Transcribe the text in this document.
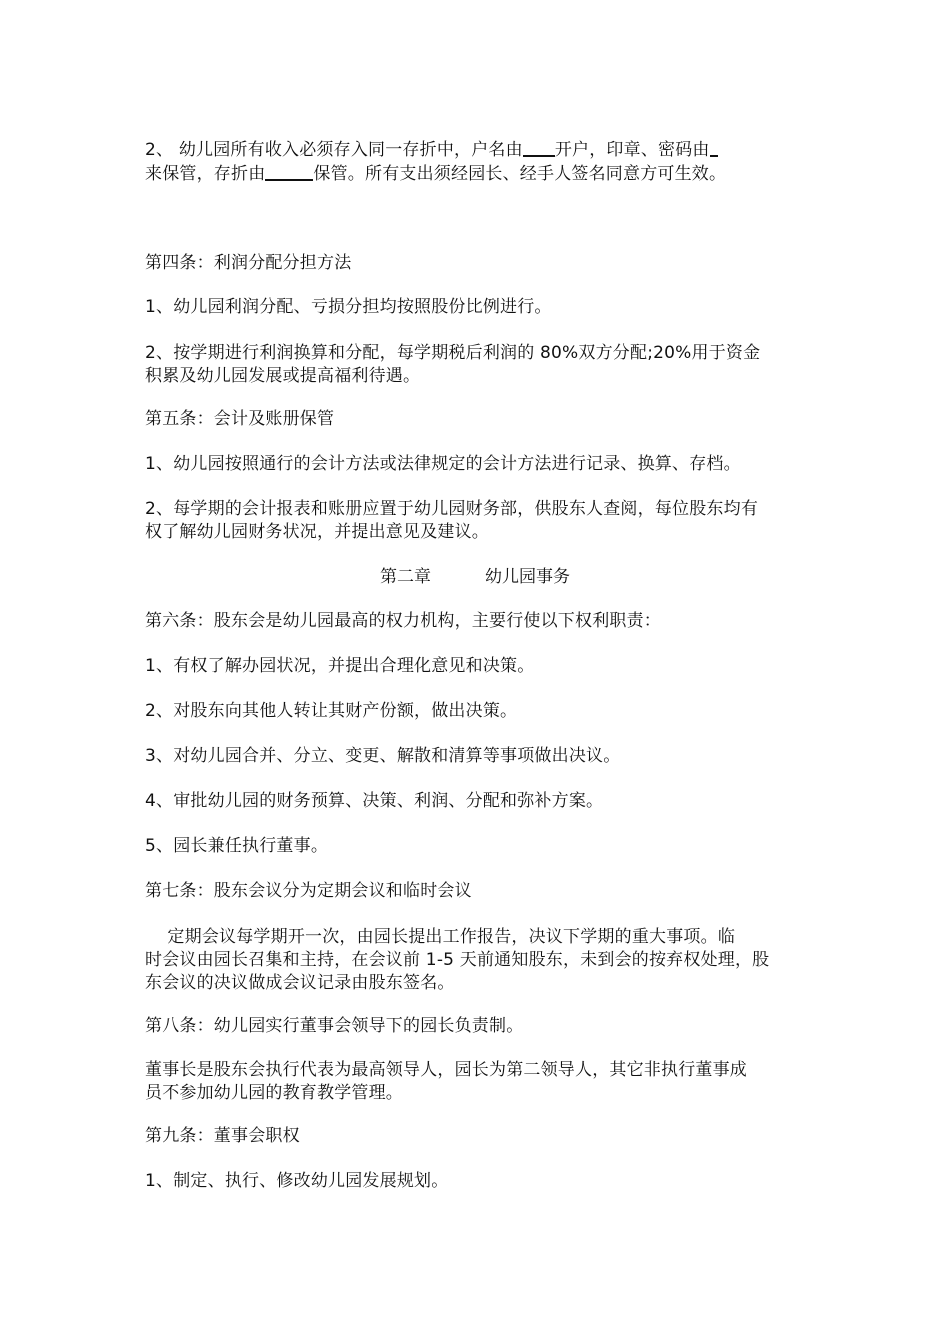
2、 幼儿园所有收入必须存入同一存折中，户名由 开户，印章、密码由
来保管，存折由	保管。所有支出须经园长、经手人签名同意方可生效。
第四条：利润分配分担方法
1、幼儿园利润分配、亏损分担均按照股份比例进行。
2、按学期进行利润换算和分配，每学期税后利润的 80%双方分配;20%用于资金
积累及幼儿园发展或提高福利待遇。
第五条：会计及账册保管
1、幼儿园按照通行的会计方法或法律规定的会计方法进行记录、换算、存档。
2、每学期的会计报表和账册应置于幼儿园财务部，供股东人查阅，每位股东均有
权了解幼儿园财务状况，并提出意见及建议。
第二章          幼儿园事务
第六条：股东会是幼儿园最高的权力机构，主要行使以下权利职责：
1、有权了解办园状况，并提出合理化意见和决策。
2、对股东向其他人转让其财产份额，做出决策。
3、对幼儿园合并、分立、变更、解散和清算等事项做出决议。
4、审批幼儿园的财务预算、决策、利润、分配和弥补方案。
5、园长兼任执行董事。
第七条：股东会议分为定期会议和临时会议
定期会议每学期开一次，由园长提出工作报告，决议下学期的重大事项。临
时会议由园长召集和主持，在会议前 1-5 天前通知股东，未到会的按弃权处理，股
东会议的决议做成会议记录由股东签名。
第八条：幼儿园实行董事会领导下的园长负责制。
董事长是股东会执行代表为最高领导人，园长为第二领导人，其它非执行董事成
员不参加幼儿园的教育教学管理。
第九条：董事会职权
1、制定、执行、修改幼儿园发展规划。
